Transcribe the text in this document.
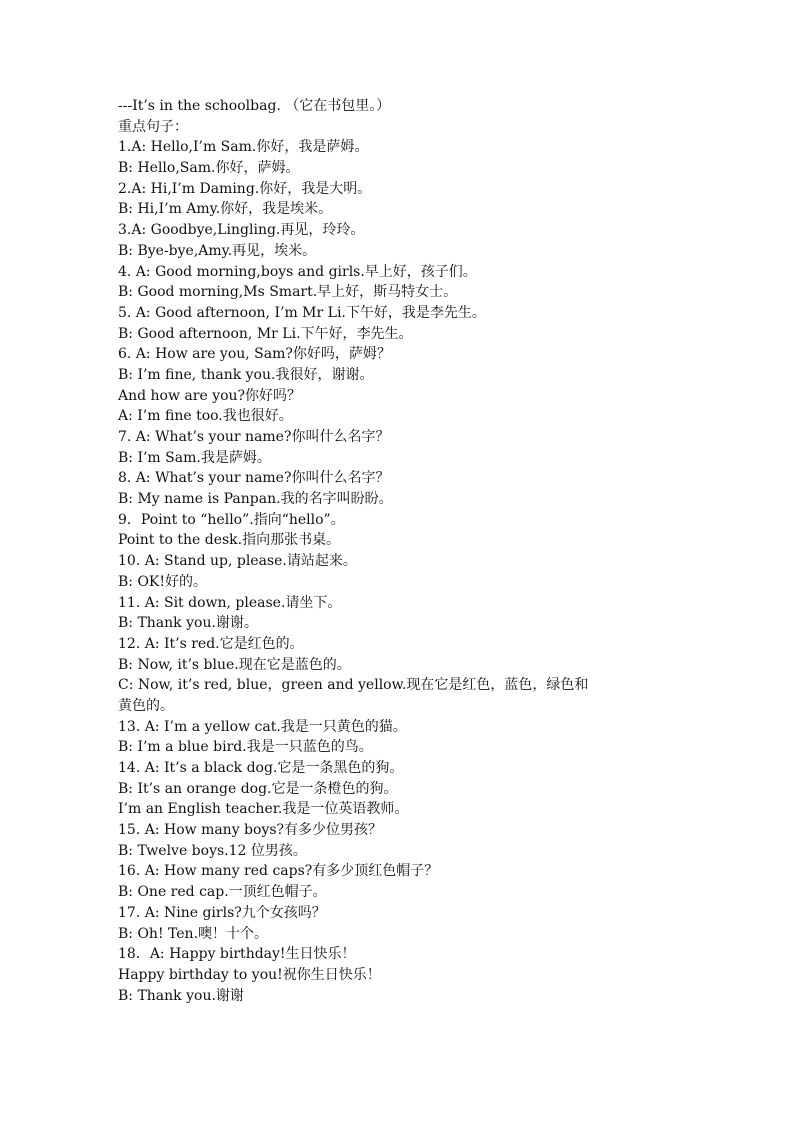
---It’s in the schoolbag. （它在书包里。）
重点句子：
1.A: Hello,I’m Sam.你好，我是萨姆。
B: Hello,Sam.你好，萨姆。
2.A: Hi,I’m Daming.你好，我是大明。
B: Hi,I’m Amy.你好，我是埃米。
3.A: Goodbye,Lingling.再见，玲玲。
B: Bye-bye,Amy.再见，埃米。
4. A: Good morning,boys and girls.早上好，孩子们。
B: Good morning,Ms Smart.早上好，斯马特女士。
5. A: Good afternoon, I’m Mr Li.下午好，我是李先生。
B: Good afternoon, Mr Li.下午好，李先生。
6. A: How are you, Sam?你好吗，萨姆？
B: I’m fine, thank you.我很好，谢谢。
And how are you?你好吗？
A: I’m fine too.我也很好。
7. A: What’s your name?你叫什么名字？
B: I’m Sam.我是萨姆。
8. A: What’s your name?你叫什么名字？
B: My name is Panpan.我的名字叫盼盼。
9．Point to “hello”.指向“hello”。
Point to the desk.指向那张书桌。
10. A: Stand up, please.请站起来。
B: OK!好的。
11. A: Sit down, please.请坐下。
B: Thank you.谢谢。
12. A: It’s red.它是红色的。
B: Now, it’s blue.现在它是蓝色的。
C: Now, it’s red, blue，green and yellow.现在它是红色，蓝色，绿色和
黄色的。
13. A: I’m a yellow cat.我是一只黄色的猫。
B: I’m a blue bird.我是一只蓝色的鸟。
14. A: It’s a black dog.它是一条黑色的狗。
B: It’s an orange dog.它是一条橙色的狗。
I’m an English teacher.我是一位英语教师。
15. A: How many boys?有多少位男孩？
B: Twelve boys.12 位男孩。
16. A: How many red caps?有多少顶红色帽子？
B: One red cap.一顶红色帽子。
17. A: Nine girls?九个女孩吗？
B: Oh! Ten.噢！十个。
18．A: Happy birthday!生日快乐！
Happy birthday to you!祝你生日快乐！
B: Thank you.谢谢
